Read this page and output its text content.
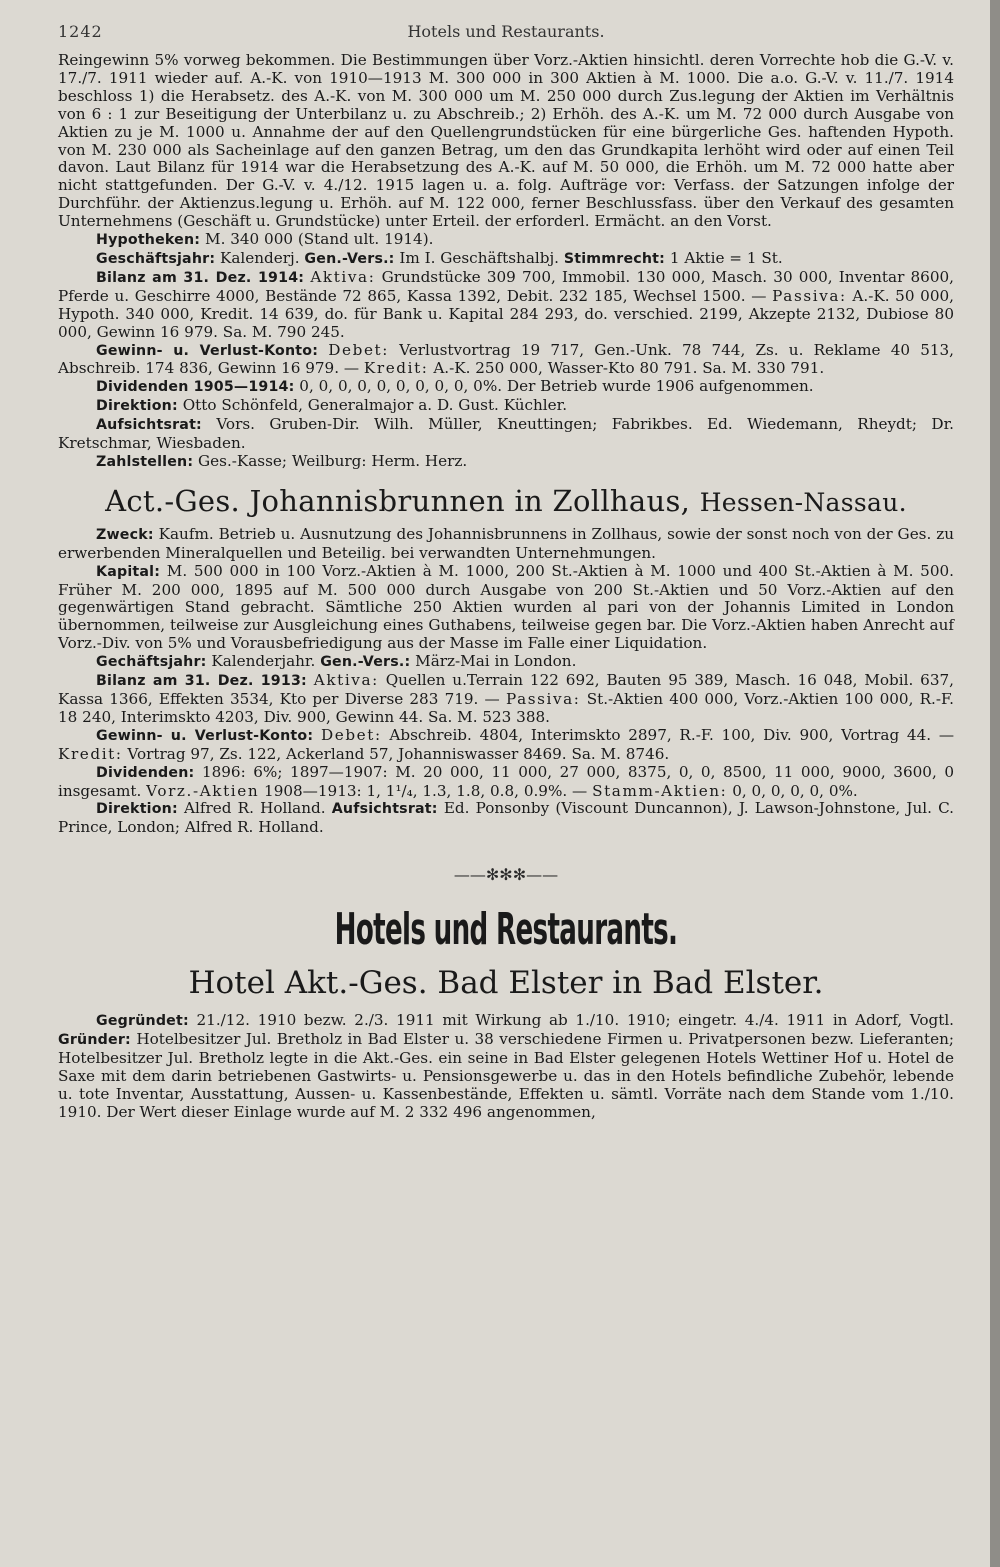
1242	Hotels und Restaurants.

Reingewinn 5% vorweg bekommen. Die Bestimmungen über Vorz.-Aktien hinsichtl. deren Vorrechte hob die G.-V. v. 17./7. 1911 wieder auf. A.-K. von 1910—1913 M. 300 000 in 300 Aktien à M. 1000. Die a.o. G.-V. v. 11./7. 1914 beschloss 1) die Herabsetz. des A.-K. von M. 300 000 um M. 250 000 durch Zus.legung der Aktien im Verhältnis von 6 : 1 zur Beseitigung der Unterbilanz u. zu Abschreib.; 2) Erhöh. des A.-K. um M. 72 000 durch Ausgabe von Aktien zu je M. 1000 u. Annahme der auf den Quellengrundstücken für eine bürgerliche Ges. haftenden Hypoth. von M. 230 000 als Sacheinlage auf den ganzen Betrag, um den das Grundkapita lerhöht wird oder auf einen Teil davon. Laut Bilanz für 1914 war die Herabsetzung des A.-K. auf M. 50 000, die Erhöh. um M. 72 000 hatte aber nicht stattgefunden. Der G.-V. v. 4./12. 1915 lagen u. a. folg. Aufträge vor: Verfass. der Satzungen infolge der Durchführ. der Aktienzus.legung u. Erhöh. auf M. 122 000, ferner Beschlussfass. über den Verkauf des gesamten Unternehmens (Geschäft u. Grundstücke) unter Erteil. der erforderl. Ermächt. an den Vorst.

Hypotheken: M. 340 000 (Stand ult. 1914).

Geschäftsjahr: Kalenderj. Gen.-Vers.: Im I. Geschäftshalbj. Stimmrecht: 1 Aktie = 1 St.

Bilanz am 31. Dez. 1914: Aktiva: Grundstücke 309 700, Immobil. 130 000, Masch. 30 000, Inventar 8600, Pferde u. Geschirre 4000, Bestände 72 865, Kassa 1392, Debit. 232 185, Wechsel 1500. — Passiva: A.-K. 50 000, Hypoth. 340 000, Kredit. 14 639, do. für Bank u. Kapital 284 293, do. verschied. 2199, Akzepte 2132, Dubiose 80 000, Gewinn 16 979. Sa. M. 790 245.

Gewinn- u. Verlust-Konto: Debet: Verlustvortrag 19 717, Gen.-Unk. 78 744, Zs. u. Reklame 40 513, Abschreib. 174 836, Gewinn 16 979. — Kredit: A.-K. 250 000, Wasser-Kto 80 791. Sa. M. 330 791.

Dividenden 1905—1914: 0, 0, 0, 0, 0, 0, 0, 0, 0, 0%. Der Betrieb wurde 1906 aufgenommen.

Direktion: Otto Schönfeld, Generalmajor a. D. Gust. Küchler.

Aufsichtsrat: Vors. Gruben-Dir. Wilh. Müller, Kneuttingen; Fabrikbes. Ed. Wiedemann, Rheydt; Dr. Kretschmar, Wiesbaden.

Zahlstellen: Ges.-Kasse; Weilburg: Herm. Herz.

Act.-Ges. Johannisbrunnen in Zollhaus, Hessen-Nassau.

Zweck: Kaufm. Betrieb u. Ausnutzung des Johannisbrunnens in Zollhaus, sowie der sonst noch von der Ges. zu erwerbenden Mineralquellen und Beteilig. bei verwandten Unternehmungen.

Kapital: M. 500 000 in 100 Vorz.-Aktien à M. 1000, 200 St.-Aktien à M. 1000 und 400 St.-Aktien à M. 500. Früher M. 200 000, 1895 auf M. 500 000 durch Ausgabe von 200 St.-Aktien und 50 Vorz.-Aktien auf den gegenwärtigen Stand gebracht. Sämtliche 250 Aktien wurden al pari von der Johannis Limited in London übernommen, teilweise zur Ausgleichung eines Guthabens, teilweise gegen bar. Die Vorz.-Aktien haben Anrecht auf Vorz.-Div. von 5% und Vorausbefriedigung aus der Masse im Falle einer Liquidation.

Gechäftsjahr: Kalenderjahr. Gen.-Vers.: März-Mai in London.

Bilanz am 31. Dez. 1913: Aktiva: Quellen u.Terrain 122 692, Bauten 95 389, Masch. 16 048, Mobil. 637, Kassa 1366, Effekten 3534, Kto per Diverse 283 719. — Passiva: St.-Aktien 400 000, Vorz.-Aktien 100 000, R.-F. 18 240, Interimskto 4203, Div. 900, Gewinn 44. Sa. M. 523 388.

Gewinn- u. Verlust-Konto: Debet: Abschreib. 4804, Interimskto 2897, R.-F. 100, Div. 900, Vortrag 44. — Kredit: Vortrag 97, Zs. 122, Ackerland 57, Johanniswasser 8469. Sa. M. 8746.

Dividenden: 1896: 6%; 1897—1907: M. 20 000, 11 000, 27 000, 8375, 0, 0, 8500, 11 000, 9000, 3600, 0 insgesamt. Vorz.-Aktien 1908—1913: 1, 1¹/₄, 1.3, 1.8, 0.8, 0.9%. — Stamm-Aktien: 0, 0, 0, 0, 0, 0%.

Direktion: Alfred R. Holland. Aufsichtsrat: Ed. Ponsonby (Viscount Duncannon), J. Lawson-Johnstone, Jul. C. Prince, London; Alfred R. Holland.

——✻✻✻——
Hotels und Restaurants.
Hotel Akt.-Ges. Bad Elster in Bad Elster.

Gegründet: 21./12. 1910 bezw. 2./3. 1911 mit Wirkung ab 1./10. 1910; eingetr. 4./4. 1911 in Adorf, Vogtl. Gründer: Hotelbesitzer Jul. Bretholz in Bad Elster u. 38 verschiedene Firmen u. Privatpersonen bezw. Lieferanten; Hotelbesitzer Jul. Bretholz legte in die Akt.-Ges. ein seine in Bad Elster gelegenen Hotels Wettiner Hof u. Hotel de Saxe mit dem darin betriebenen Gastwirts- u. Pensionsgewerbe u. das in den Hotels befindliche Zubehör, lebende u. tote Inventar, Ausstattung, Aussen- u. Kassenbestände, Effekten u. sämtl. Vorräte nach dem Stande vom 1./10. 1910. Der Wert dieser Einlage wurde auf M. 2 332 496 angenommen,
